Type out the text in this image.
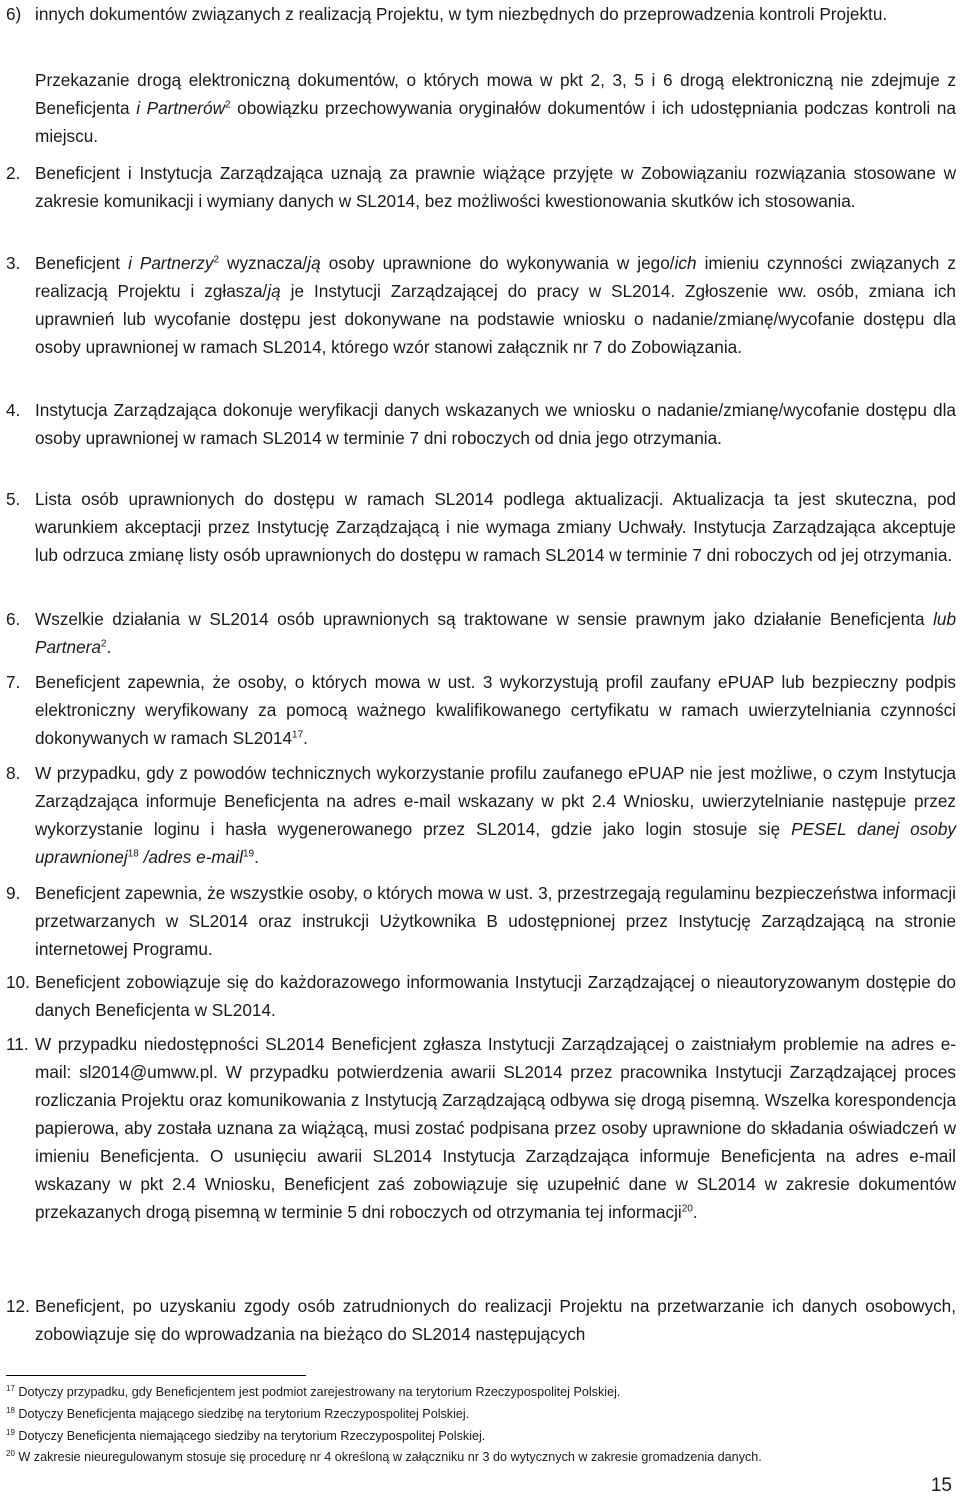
6) innych dokumentów związanych z realizacją Projektu, w tym niezbędnych do przeprowadzenia kontroli Projektu.
Przekazanie drogą elektroniczną dokumentów, o których mowa w pkt 2, 3, 5 i 6 drogą elektroniczną nie zdejmuje z Beneficjenta i Partnerów$^2$ obowiązku przechowywania oryginałów dokumentów i ich udostępniania podczas kontroli na miejscu.
2. Beneficjent i Instytucja Zarządzająca uznają za prawnie wiążące przyjęte w Zobowiązaniu rozwiązania stosowane w zakresie komunikacji i wymiany danych w SL2014, bez możliwości kwestionowania skutków ich stosowania.
3. Beneficjent i Partnerzy$^2$ wyznacza/ją osoby uprawnione do wykonywania w jego/ich imieniu czynności związanych z realizacją Projektu i zgłasza/ją je Instytucji Zarządzającej do pracy w SL2014. Zgłoszenie ww. osób, zmiana ich uprawnień lub wycofanie dostępu jest dokonywane na podstawie wniosku o nadanie/zmianę/wycofanie dostępu dla osoby uprawnionej w ramach SL2014, którego wzór stanowi załącznik nr 7 do Zobowiązania.
4. Instytucja Zarządzająca dokonuje weryfikacji danych wskazanych we wniosku o nadanie/zmianę/wycofanie dostępu dla osoby uprawnionej w ramach SL2014 w terminie 7 dni roboczych od dnia jego otrzymania.
5. Lista osób uprawnionych do dostępu w ramach SL2014 podlega aktualizacji. Aktualizacja ta jest skuteczna, pod warunkiem akceptacji przez Instytucję Zarządzającą i nie wymaga zmiany Uchwały. Instytucja Zarządzająca akceptuje lub odrzuca zmianę listy osób uprawnionych do dostępu w ramach SL2014 w terminie 7 dni roboczych od jej otrzymania.
6. Wszelkie działania w SL2014 osób uprawnionych są traktowane w sensie prawnym jako działanie Beneficjenta lub Partnera$^2$.
7. Beneficjent zapewnia, że osoby, o których mowa w ust. 3 wykorzystują profil zaufany ePUAP lub bezpieczny podpis elektroniczny weryfikowany za pomocą ważnego kwalifikowanego certyfikatu w ramach uwierzytelniania czynności dokonywanych w ramach SL2014$^{17}$.
8. W przypadku, gdy z powodów technicznych wykorzystanie profilu zaufanego ePUAP nie jest możliwe, o czym Instytucja Zarządzająca informuje Beneficjenta na adres e-mail wskazany w pkt 2.4 Wniosku, uwierzytelnianie następuje przez wykorzystanie loginu i hasła wygenerowanego przez SL2014, gdzie jako login stosuje się PESEL danej osoby uprawnionej$^{18}$ /adres e-mail$^{19}$.
9. Beneficjent zapewnia, że wszystkie osoby, o których mowa w ust. 3, przestrzegają regulaminu bezpieczeństwa informacji przetwarzanych w SL2014 oraz instrukcji Użytkownika B udostępnionej przez Instytucję Zarządzającą na stronie internetowej Programu.
10. Beneficjent zobowiązuje się do każdorazowego informowania Instytucji Zarządzającej o nieautoryzowanym dostępie do danych Beneficjenta w SL2014.
11. W przypadku niedostępności SL2014 Beneficjent zgłasza Instytucji Zarządzającej o zaistniałym problemie na adres e-mail: sl2014@umww.pl. W przypadku potwierdzenia awarii SL2014 przez pracownika Instytucji Zarządzającej proces rozliczania Projektu oraz komunikowania z Instytucją Zarządzającą odbywa się drogą pisemną. Wszelka korespondencja papierowa, aby została uznana za wiążącą, musi zostać podpisana przez osoby uprawnione do składania oświadczeń w imieniu Beneficjenta. O usunięciu awarii SL2014 Instytucja Zarządzająca informuje Beneficjenta na adres e-mail wskazany w pkt 2.4 Wniosku, Beneficjent zaś zobowiązuje się uzupełnić dane w SL2014 w zakresie dokumentów przekazanych drogą pisemną w terminie 5 dni roboczych od otrzymania tej informacji$^{20}$.
12. Beneficjent, po uzyskaniu zgody osób zatrudnionych do realizacji Projektu na przetwarzanie ich danych osobowych, zobowiązuje się do wprowadzania na bieżąco do SL2014 następujących
$^{17}$ Dotyczy przypadku, gdy Beneficjentem jest podmiot zarejestrowany na terytorium Rzeczypospolitej Polskiej.
$^{18}$ Dotyczy Beneficjenta mającego siedzibę na terytorium Rzeczypospolitej Polskiej.
$^{19}$ Dotyczy Beneficjenta niemającego siedziby na terytorium Rzeczypospolitej Polskiej.
$^{20}$ W zakresie nieuregulowanym stosuje się procedurę nr 4 określoną w załączniku nr 3 do wytycznych w zakresie gromadzenia danych.
15
